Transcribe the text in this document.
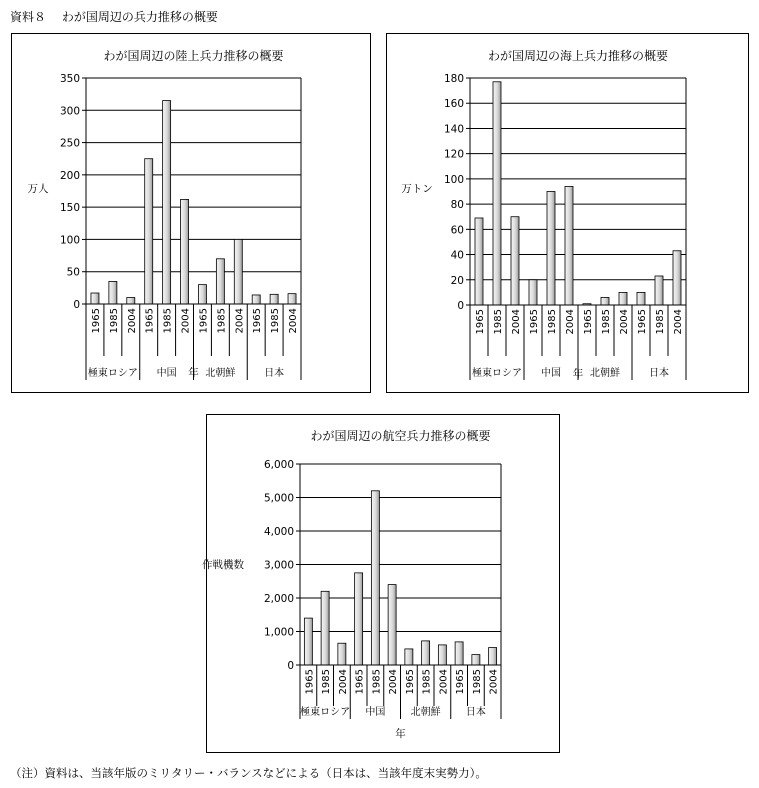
資料８　 わが国周辺の兵力推移の概要
わが国周辺の陸上兵力推移の概要
万人
0
50
100
150
200
250
300
350
1965 1985 2004 1965 1985 2004 1965 1985 2004 1965 1985 2004
極東ロシア 中国	北朝鮮	日本
年
わが国周辺の海上兵力推移の概要
万トン
0
20
40
60
80
100
120
140
160
180
1965 1985 2004 1965 1985 2004 1965 1985 2004 1965 1985 2004
極東ロシア 中国	北朝鮮	日本
年
わが国周辺の航空兵力推移の概要
作戦機数
0
1,000
2,000
3,000
4,000
5,000
6,000
1965 1985 2004 1965 1985 2004 1965 1985 2004 1965 1985 2004
極東ロシア 中国	北朝鮮	日本
年
（注）資料は、当該年版のミリタリー・バランスなどによる（日本は、当該年度末実勢力）。
